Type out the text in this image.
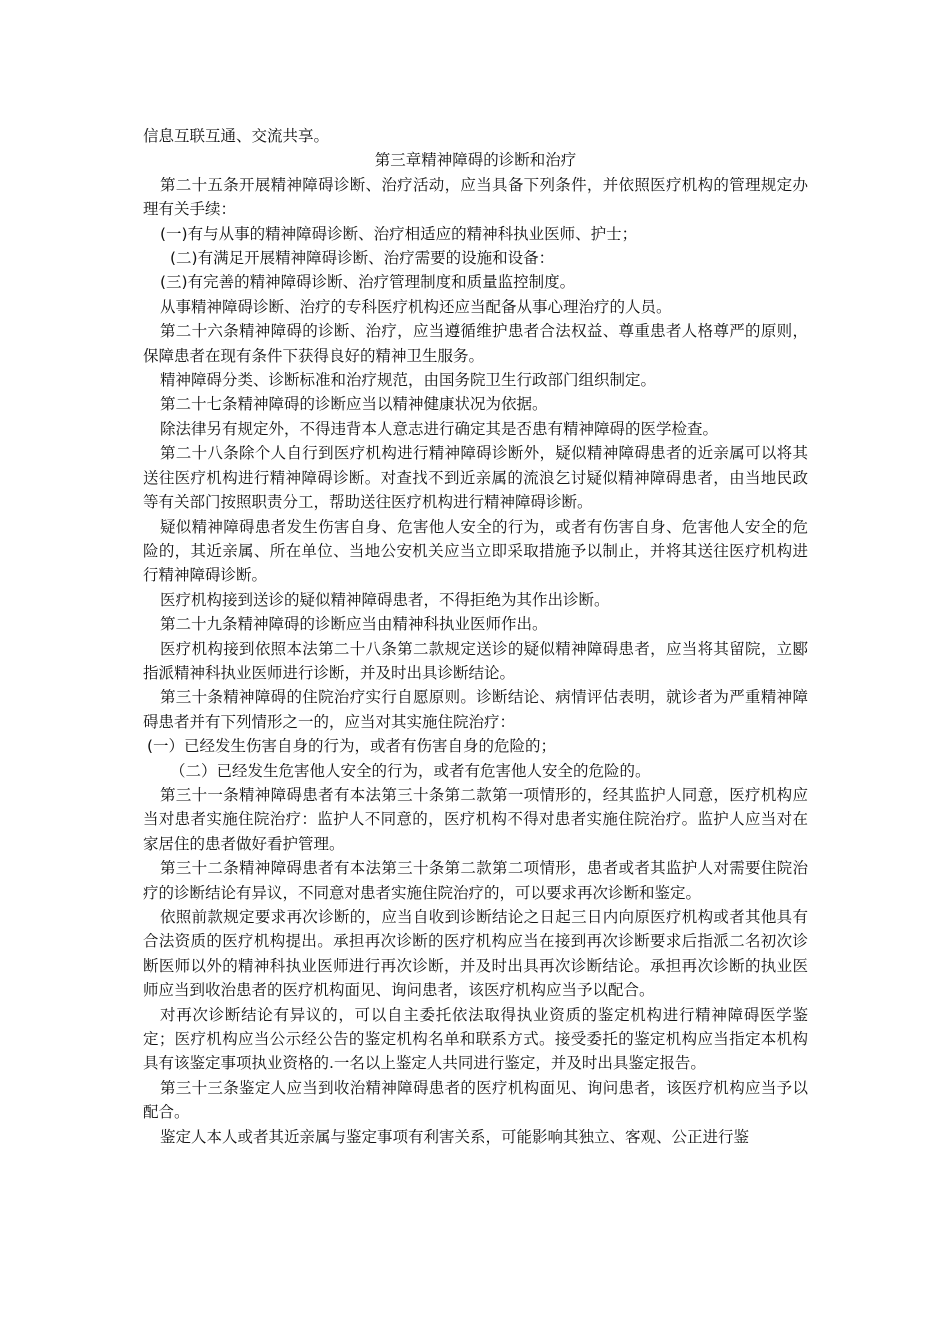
信息互联互通、交流共享。

第三章精神障碍的诊断和治疗

第二十五条开展精神障碍诊断、治疗活动，应当具备下列条件，并依照医疗机构的管理规定办理有关手续：

(一)有与从事的精神障碍诊断、治疗相适应的精神科执业医师、护士；

(二)有满足开展精神障碍诊断、治疗需要的设施和设备：

(三)有完善的精神障碍诊断、治疗管理制度和质量监控制度。

从事精神障碍诊断、治疗的专科医疗机构还应当配备从事心理治疗的人员。

第二十六条精神障碍的诊断、治疗，应当遵循维护患者合法权益、尊重患者人格尊严的原则，保障患者在现有条件下获得良好的精神卫生服务。

精神障碍分类、诊断标准和治疗规范，由国务院卫生行政部门组织制定。

第二十七条精神障碍的诊断应当以精神健康状况为依据。

除法律另有规定外，不得违背本人意志进行确定其是否患有精神障碍的医学检查。

第二十八条除个人自行到医疗机构进行精神障碍诊断外，疑似精神障碍患者的近亲属可以将其送往医疗机构进行精神障碍诊断。对查找不到近亲属的流浪乞讨疑似精神障碍患者，由当地民政等有关部门按照职责分工，帮助送往医疗机构进行精神障碍诊断。

疑似精神障碍患者发生伤害自身、危害他人安全的行为，或者有伤害自身、危害他人安全的危险的，其近亲属、所在单位、当地公安机关应当立即采取措施予以制止，并将其送往医疗机构进行精神障碍诊断。

医疗机构接到送诊的疑似精神障碍患者，不得拒绝为其作出诊断。

第二十九条精神障碍的诊断应当由精神科执业医师作出。

医疗机构接到依照本法第二十八条第二款规定送诊的疑似精神障碍患者，应当将其留院，立郾指派精神科执业医师进行诊断，并及时出具诊断结论。

第三十条精神障碍的住院治疗实行自愿原则。诊断结论、病情评估表明，就诊者为严重精神障碍患者并有下列情形之一的，应当对其实施住院治疗：

(一）已经发生伤害自身的行为，或者有伤害自身的危险的；

（二）已经发生危害他人安全的行为，或者有危害他人安全的危险的。

第三十一条精神障碍患者有本法第三十条第二款第一项情形的，经其监护人同意，医疗机构应当对患者实施住院治疗：监护人不同意的，医疗机构不得对患者实施住院治疗。监护人应当对在家居住的患者做好看护管理。

第三十二条精神障碍患者有本法第三十条第二款第二项情形，患者或者其监护人对需要住院治疗的诊断结论有异议，不同意对患者实施住院治疗的，可以要求再次诊断和鉴定。

依照前款规定要求再次诊断的，应当自收到诊断结论之日起三日内向原医疗机构或者其他具有合法资质的医疗机构提出。承担再次诊断的医疗机构应当在接到再次诊断要求后指派二名初次诊断医师以外的精神科执业医师进行再次诊断，并及时出具再次诊断结论。承担再次诊断的执业医师应当到收治患者的医疗机构面见、询问患者，该医疗机构应当予以配合。

对再次诊断结论有异议的，可以自主委托依法取得执业资质的鉴定机构进行精神障碍医学鉴定；医疗机构应当公示经公告的鉴定机构名单和联系方式。接受委托的鉴定机构应当指定本机构具有该鉴定事项执业资格的.一名以上鉴定人共同进行鉴定，并及时出具鉴定报告。

第三十三条鉴定人应当到收治精神障碍患者的医疗机构面见、询问患者，该医疗机构应当予以配合。

鉴定人本人或者其近亲属与鉴定事项有利害关系，可能影响其独立、客观、公正进行鉴
